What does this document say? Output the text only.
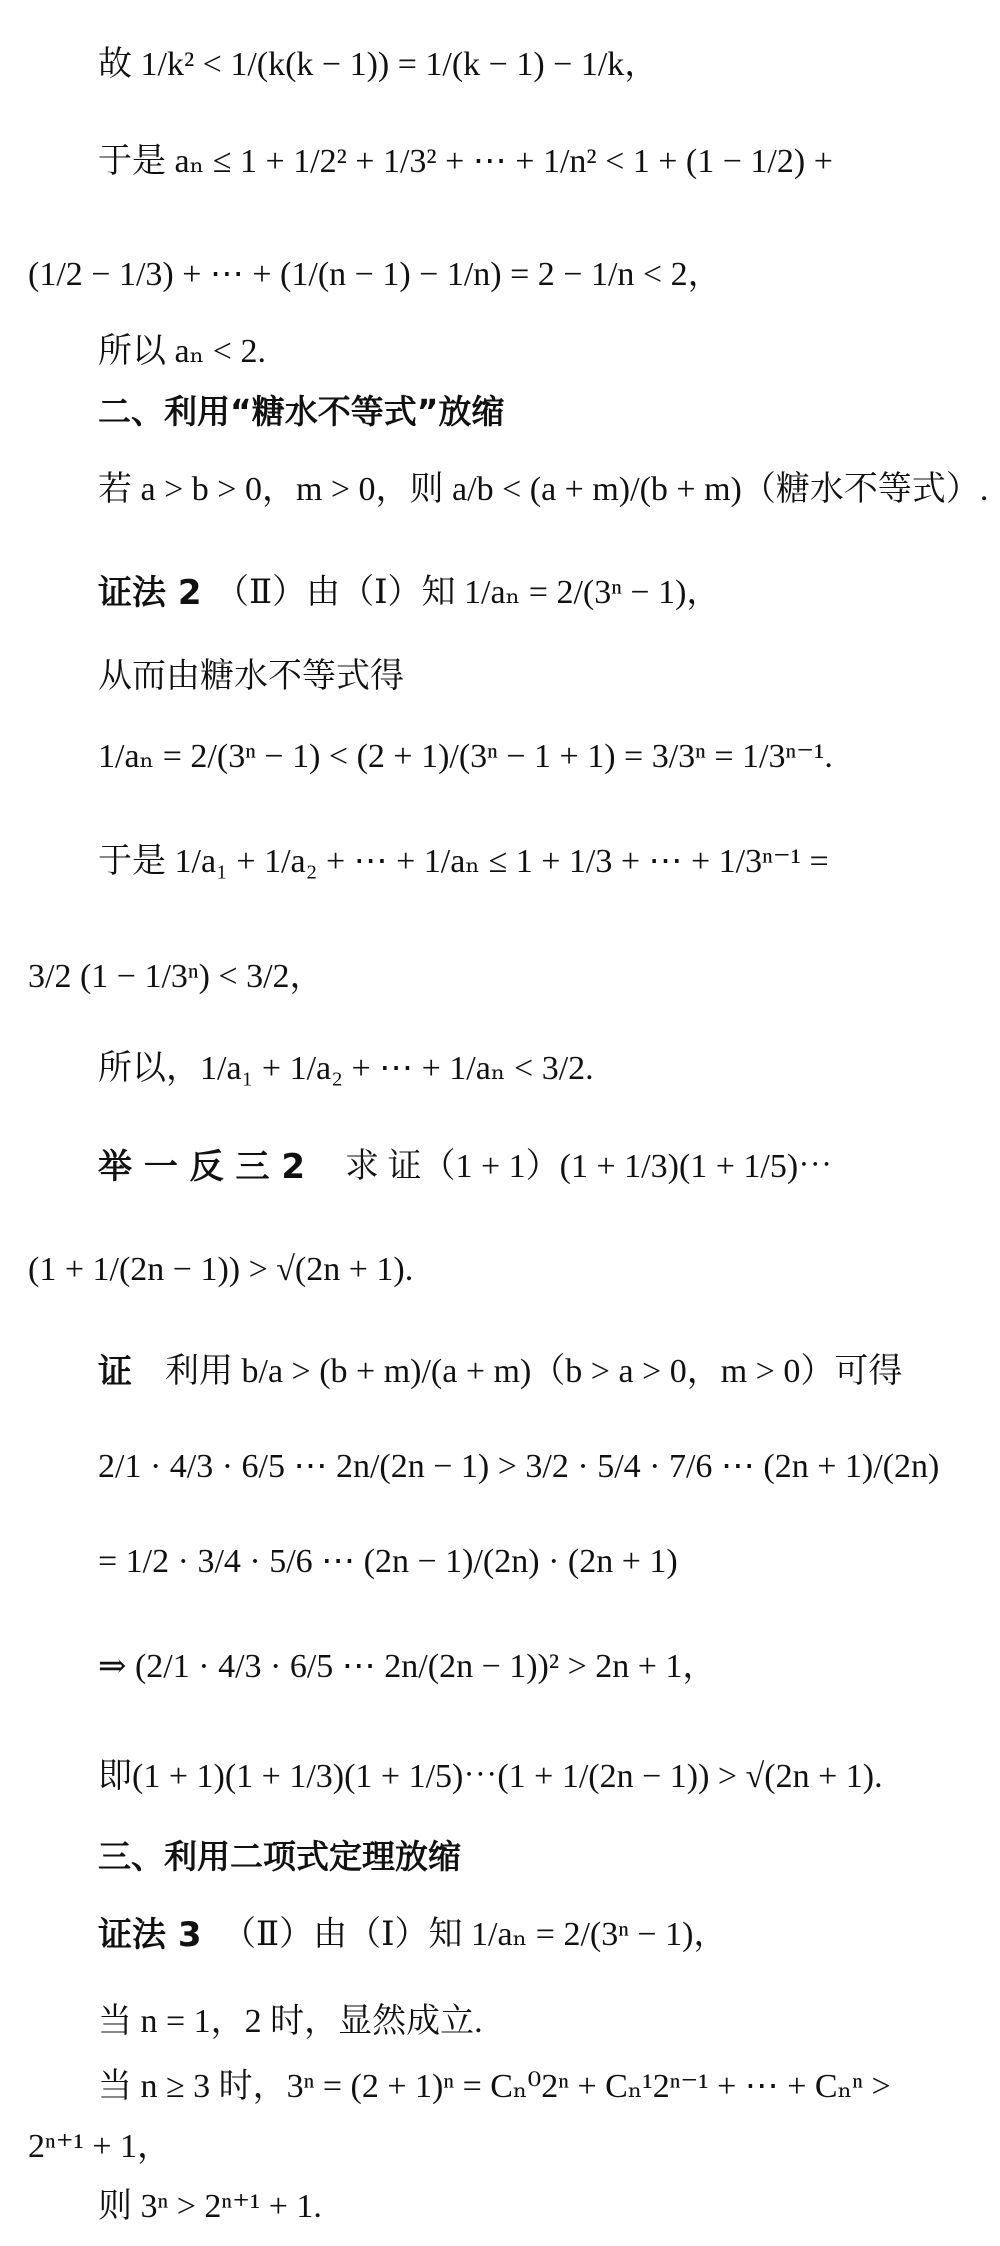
故 1/k² < 1/(k(k − 1)) = 1/(k − 1) − 1/k，
于是 aₙ ≤ 1 + 1/2² + 1/3² + ⋯ + 1/n² < 1 + (1 − 1/2) +
(1/2 − 1/3) + ⋯ + (1/(n − 1) − 1/n) = 2 − 1/n < 2，
所以 aₙ < 2.
二、利用“糖水不等式”放缩
若 a > b > 0，m > 0，则 a/b < (a + m)/(b + m)（糖水不等式）.
证法 2 （Ⅱ）由（Ⅰ）知 1/aₙ = 2/(3ⁿ − 1)，
从而由糖水不等式得
1/aₙ = 2/(3ⁿ − 1) < (2 + 1)/(3ⁿ − 1 + 1) = 3/3ⁿ = 1/3ⁿ⁻¹.
于是 1/a₁ + 1/a₂ + ⋯ + 1/aₙ ≤ 1 + 1/3 + ⋯ + 1/3ⁿ⁻¹ =
3/2 (1 − 1/3ⁿ) < 3/2，
所以，1/a₁ + 1/a₂ + ⋯ + 1/aₙ < 3/2.
举 一 反 三 2 求 证（1 + 1）(1 + 1/3)(1 + 1/5)⋯
(1 + 1/(2n − 1)) > √(2n + 1).
证 利用 b/a > (b + m)/(a + m)（b > a > 0，m > 0）可得
2/1 · 4/3 · 6/5 ⋯ 2n/(2n − 1) > 3/2 · 5/4 · 7/6 ⋯ (2n + 1)/(2n)
= 1/2 · 3/4 · 5/6 ⋯ (2n − 1)/(2n) · (2n + 1)
⇒ (2/1 · 4/3 · 6/5 ⋯ 2n/(2n − 1))² > 2n + 1，
即(1 + 1)(1 + 1/3)(1 + 1/5)⋯(1 + 1/(2n − 1)) > √(2n + 1).
三、利用二项式定理放缩
证法 3 （Ⅱ）由（Ⅰ）知 1/aₙ = 2/(3ⁿ − 1)，
当 n = 1，2 时，显然成立.
当 n ≥ 3 时，3ⁿ = (2 + 1)ⁿ = Cₙ⁰2ⁿ + Cₙ¹2ⁿ⁻¹ + ⋯ + Cₙⁿ >
2ⁿ⁺¹ + 1，
则 3ⁿ > 2ⁿ⁺¹ + 1.
